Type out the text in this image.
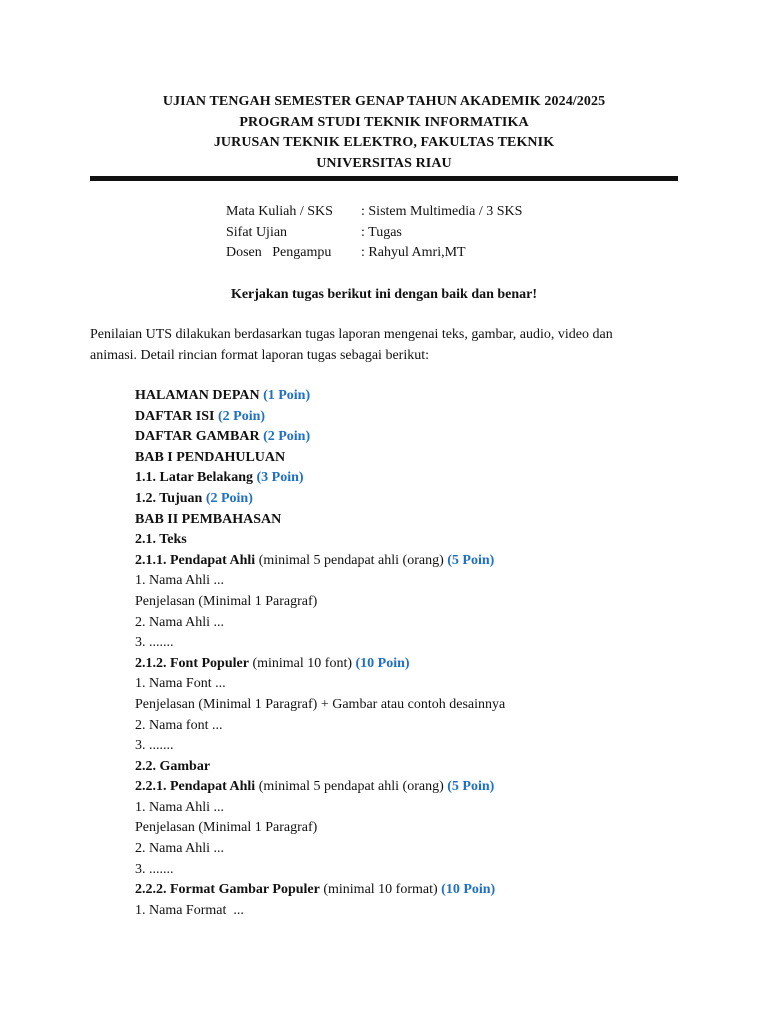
UJIAN TENGAH SEMESTER GENAP TAHUN AKADEMIK 2024/2025
PROGRAM STUDI TEKNIK INFORMATIKA
JURUSAN TEKNIK ELEKTRO, FAKULTAS TEKNIK
UNIVERSITAS RIAU
Mata Kuliah / SKS	: Sistem Multimedia / 3 SKS
Sifat Ujian	: Tugas
Dosen   Pengampu	: Rahyul Amri,MT
Kerjakan tugas berikut ini dengan baik dan benar!
Penilaian UTS dilakukan berdasarkan tugas laporan mengenai teks, gambar, audio, video dan
animasi. Detail rincian format laporan tugas sebagai berikut:
HALAMAN DEPAN (1 Poin)
DAFTAR ISI (2 Poin)
DAFTAR GAMBAR (2 Poin)
BAB I PENDAHULUAN
1.1. Latar Belakang (3 Poin)
1.2. Tujuan (2 Poin)
BAB II PEMBAHASAN
2.1. Teks
2.1.1. Pendapat Ahli (minimal 5 pendapat ahli (orang) (5 Poin)
1. Nama Ahli ...
Penjelasan (Minimal 1 Paragraf)
2. Nama Ahli ...
3. .......
2.1.2. Font Populer (minimal 10 font) (10 Poin)
1. Nama Font ...
Penjelasan (Minimal 1 Paragraf) + Gambar atau contoh desainnya
2. Nama font ...
3. .......
2.2. Gambar
2.2.1. Pendapat Ahli (minimal 5 pendapat ahli (orang) (5 Poin)
1. Nama Ahli ...
Penjelasan (Minimal 1 Paragraf)
2. Nama Ahli ...
3. .......
2.2.2. Format Gambar Populer (minimal 10 format) (10 Poin)
1. Nama Format  ...
